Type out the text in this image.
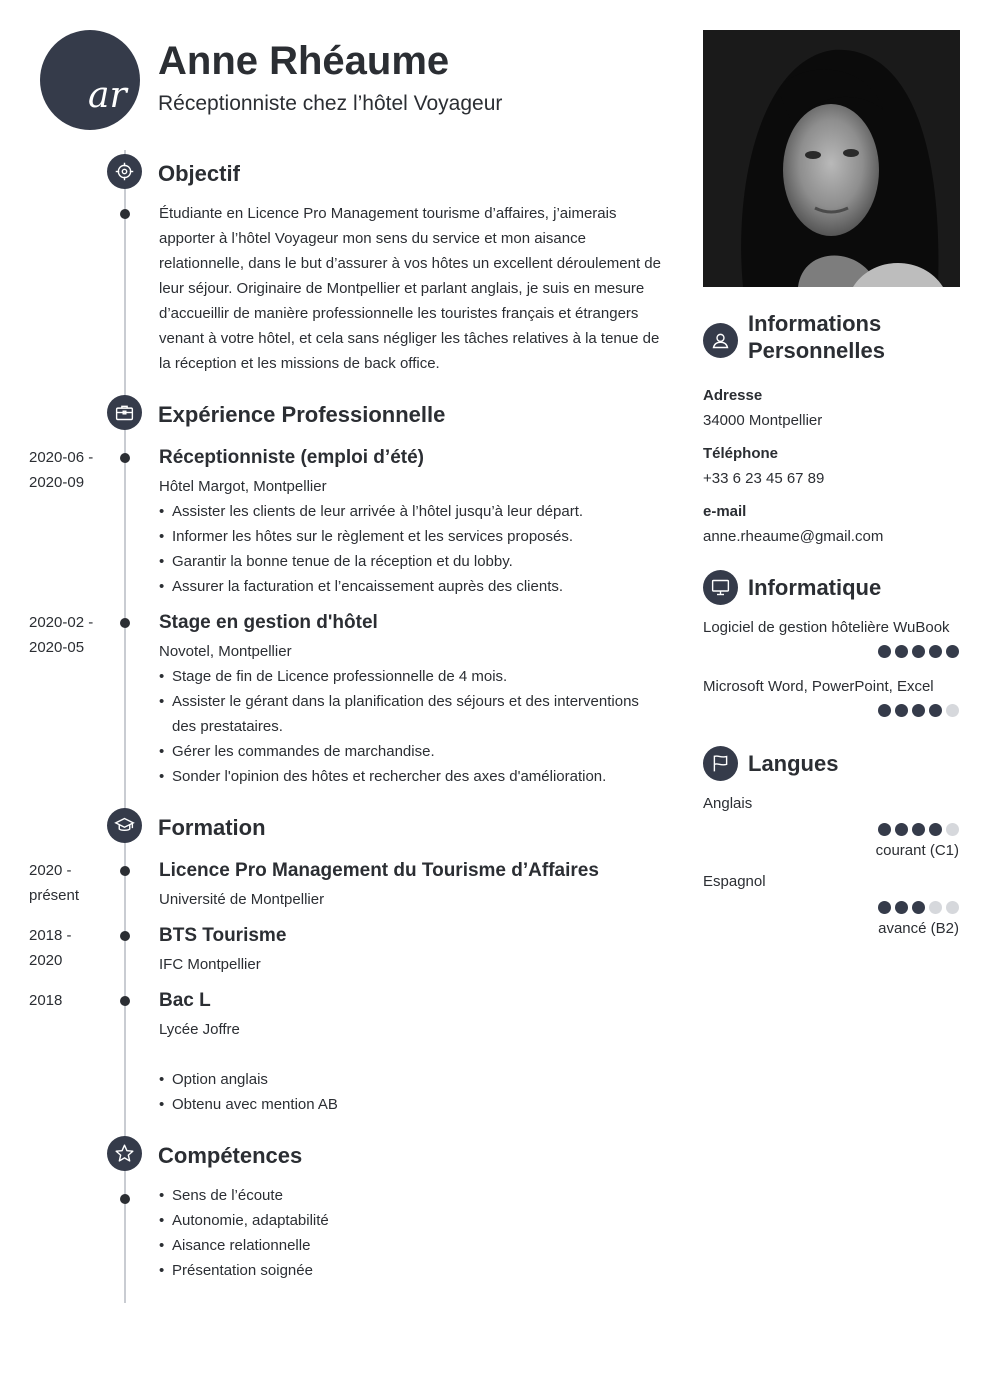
ar
Anne Rhéaume
Réceptionniste chez l’hôtel Voyageur
Objectif
Étudiante en Licence Pro Management tourisme d’affaires, j’aimerais apporter à l’hôtel Voyageur mon sens du service et mon aisance relationnelle, dans le but d’assurer à vos hôtes un excellent déroulement de leur séjour. Originaire de Montpellier et parlant anglais, je suis en mesure d’accueillir de manière professionnelle les touristes français et étrangers venant à votre hôtel, et cela sans négliger les tâches relatives à la tenue de la réception et les missions de back office.
Expérience Professionnelle
2020-06 -
2020-09
Réceptionniste (emploi d’été)
Hôtel Margot, Montpellier
• Assister les clients de leur arrivée à l’hôtel jusqu’à leur départ.
• Informer les hôtes sur le règlement et les services proposés.
• Garantir la bonne tenue de la réception et du lobby.
• Assurer la facturation et l’encaissement auprès des clients.
2020-02 -
2020-05
Stage en gestion d'hôtel
Novotel, Montpellier
• Stage de fin de Licence professionnelle de 4 mois.
• Assister le gérant dans la planification des séjours et des interventions des prestataires.
• Gérer les commandes de marchandise.
• Sonder l'opinion des hôtes et rechercher des axes d'amélioration.
Formation
2020 -
présent
Licence Pro Management du Tourisme d’Affaires
Université de Montpellier
2018 -
2020
BTS Tourisme
IFC Montpellier
2018	Bac L
Lycée Joffre
• Option anglais
• Obtenu avec mention AB
Compétences
• Sens de l’écoute
• Autonomie, adaptabilité
• Aisance relationnelle
• Présentation soignée
Informations
Personnelles
Adresse
34000 Montpellier
Téléphone
+33 6 23 45 67 89
e-mail
anne.rheaume@gmail.com
Informatique
Logiciel de gestion hôtelière WuBook
Microsoft Word, PowerPoint, Excel
Langues
Anglais
courant (C1)
Espagnol
avancé (B2)
